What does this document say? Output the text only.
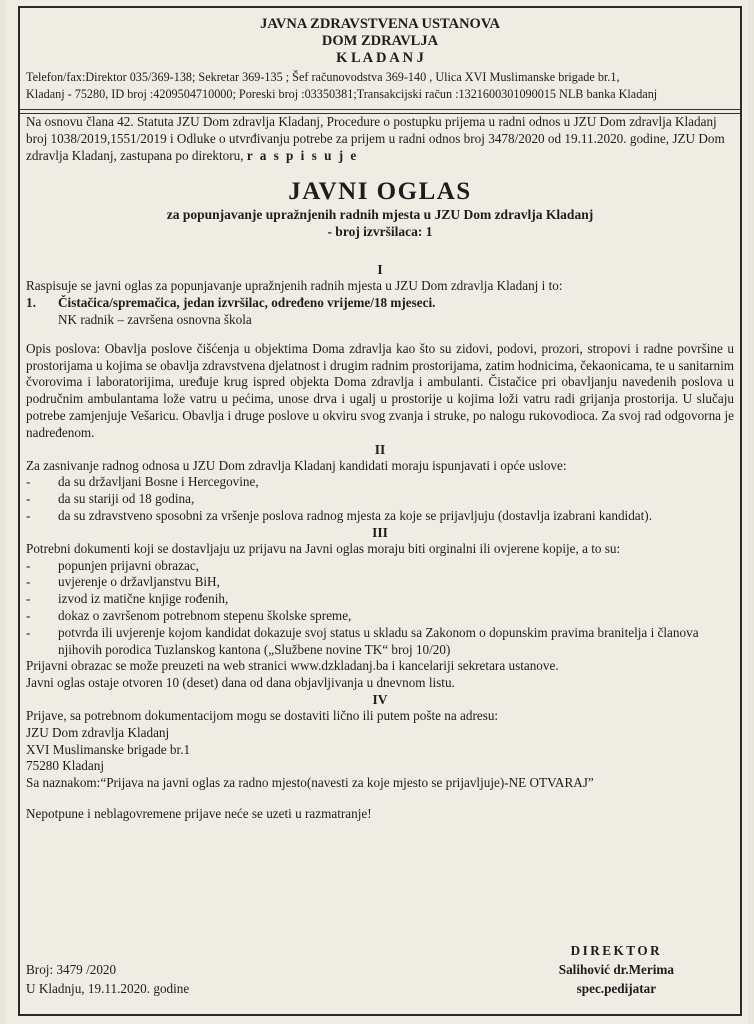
JAVNA ZDRAVSTVENA USTANOVA
DOM ZDRAVLJA
K L A D A N J
Telefon/fax:Direktor 035/369-138; Sekretar 369-135 ; Šef računovodstva 369-140 , Ulica XVI Muslimanske brigade br.1,
Kladanj - 75280, ID broj :4209504710000; Poreski broj :03350381;Transakcijski račun :1321600301090015 NLB banka Kladanj

Na osnovu člana 42. Statuta JZU Dom zdravlja Kladanj, Procedure o postupku prijema u radni odnos u JZU Dom zdravlja Kladanj broj 1038/2019,1551/2019 i Odluke o utvrđivanju potrebe za prijem u radni odnos broj 3478/2020 od 19.11.2020. godine, JZU Dom zdravlja Kladanj, zastupana po direktoru, r a s p i s u j e

JAVNI OGLAS
za popunjavanje upražnjenih radnih mjesta u JZU Dom zdravlja Kladanj
- broj izvršilaca: 1
I

Raspisuje se javni oglas za popunjavanje upražnjenih radnih mjesta u JZU Dom zdravlja Kladanj i to:

1.	Čistačica/spremačica, jedan izvršilac, određeno vrijeme/18 mjeseci.

NK radnik – završena osnovna škola

Opis poslova: Obavlja poslove čišćenja u objektima Doma zdravlja kao što su zidovi, podovi, prozori, stropovi i radne površine u prostorijama u kojima se obavlja zdravstvena djelatnost i drugim radnim prostorijama, zatim hodnicima, čekaonicama, te u sanitarnim čvorovima i laboratorijima, uređuje krug ispred objekta Doma zdravlja i ambulanti. Čistačice pri obavljanju navedenih poslova u područnim ambulantama lože vatru u pećima, unose drva i ugalj u prostorije u kojima loži vatru radi grijanja prostorija. U slučaju potrebe zamjenjuje Vešaricu. Obavlja i druge poslove u okviru svog zvanja i struke, po nalogu rukovodioca. Za svoj rad odgovorna je nadređenom.

II

Za zasnivanje radnog odnosa u JZU Dom zdravlja Kladanj kandidati moraju ispunjavati i opće uslove:

-	da su državljani Bosne i Hercegovine,
-	da su stariji od 18 godina,
-	da su zdravstveno sposobni za vršenje poslova radnog mjesta za koje se prijavljuju (dostavlja izabrani kandidat).
III

Potrebni dokumenti koji se dostavljaju uz prijavu na Javni oglas moraju biti orginalni ili ovjerene kopije, a to su:

-	popunjen prijavni obrazac,
-	uvjerenje o državljanstvu BiH,
-	izvod iz matične knjige rođenih,
-	dokaz o završenom potrebnom stepenu školske spreme,
-	potvrda ili uvjerenje kojom kandidat dokazuje svoj status u skladu sa Zakonom o dopunskim pravima branitelja i članova njihovih porodica Tuzlanskog kantona („Službene novine TK“ broj 10/20)

Prijavni obrazac se može preuzeti na web stranici www.dzkladanj.ba i kancelariji sekretara ustanove.

Javni oglas ostaje otvoren 10 (deset) dana od dana objavljivanja u dnevnom listu.

IV

Prijave, sa potrebnom dokumentacijom mogu se dostaviti lično ili putem pošte na adresu:

JZU Dom zdravlja Kladanj

XVI Muslimanske brigade br.1

75280 Kladanj

Sa naznakom:“Prijava na javni oglas za radno mjesto(navesti za koje mjesto se prijavljuje)-NE OTVARAJ”

Nepotpune i neblagovremene prijave neće se uzeti u razmatranje!

Broj: 3479 /2020
U Kladnju, 19.11.2020. godine
DIREKTOR
Salihović dr.Merima
spec.pedijatar
